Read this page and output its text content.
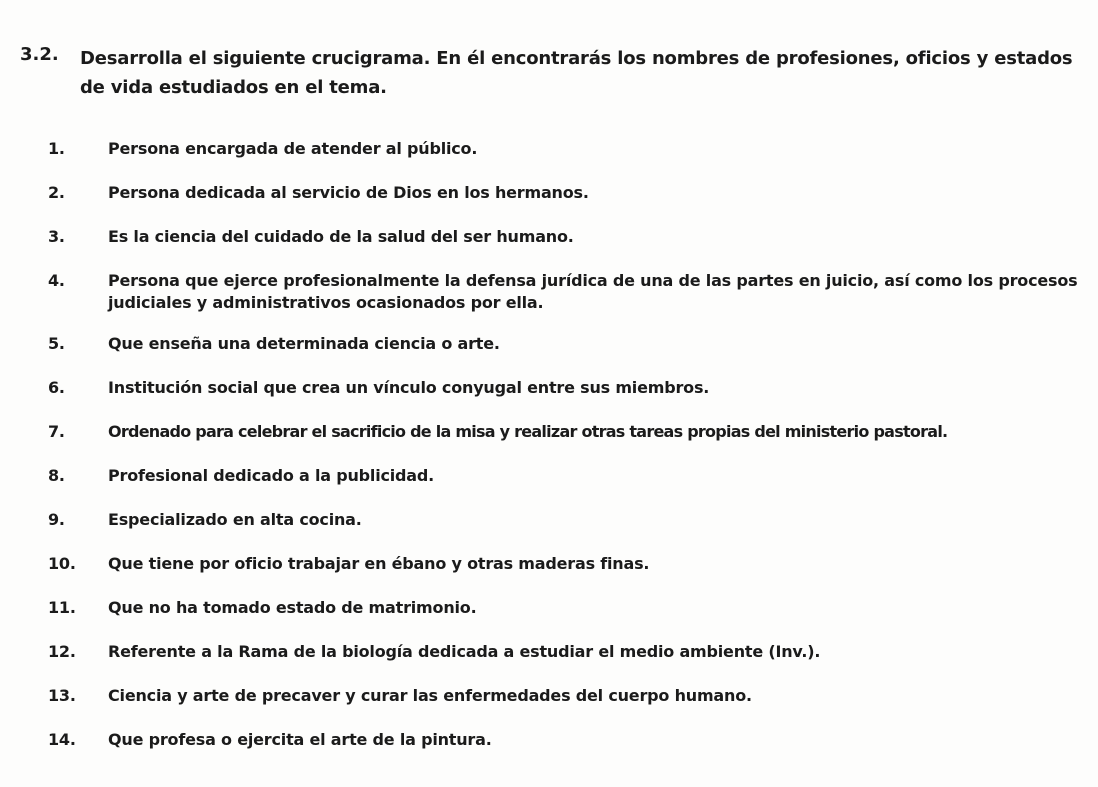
3.2. Desarrolla el siguiente crucigrama. En él encontrarás los nombres de profesiones, oficios y estados de vida estudiados en el tema.
1.	Persona encargada de atender al público.
2.	Persona dedicada al servicio de Dios en los hermanos.
3.	Es la ciencia del cuidado de la salud del ser humano.
4.	Persona que ejerce profesionalmente la defensa jurídica de una de las partes en juicio, así como los procesos judiciales y administrativos ocasionados por ella.
5.	Que enseña una determinada ciencia o arte.
6.	Institución social que crea un vínculo conyugal entre sus miembros.
7.	Ordenado para celebrar el sacrificio de la misa y realizar otras tareas propias del ministerio pastoral.
8.	Profesional dedicado a la publicidad.
9.	Especializado en alta cocina.
10.	Que tiene por oficio trabajar en ébano y otras maderas finas.
11.	Que no ha tomado estado de matrimonio.
12.	Referente a la Rama de la biología dedicada a estudiar el medio ambiente (Inv.).
13.	Ciencia y arte de precaver y curar las enfermedades del cuerpo humano.
14.	Que profesa o ejercita el arte de la pintura.
